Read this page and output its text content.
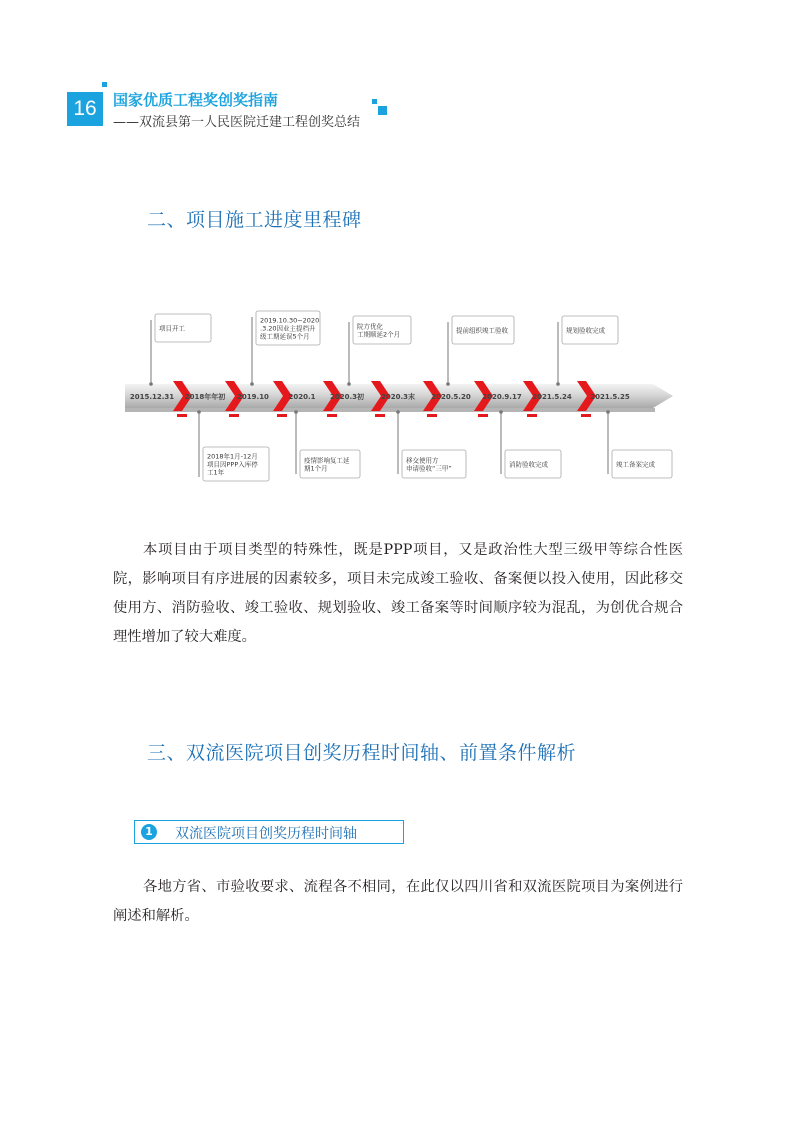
16	国家优质工程奖创奖指南
——双流县第一人民医院迁建工程创奖总结
二、项目施工进度里程碑
2015.12.31 2018年年初 2019.10	2020.1 2020.3初 2020.3末 2020.5.20 2020.9.17 2021.5.24	2021.5.25
项目开工
2019.10.30~2020
.3.20因业主提档升
级工期延误5个月
院方优化
工期顺延2个月	提前组织竣工验收	规划验收完成
2018年1月-12月
项目因PPP入库停
工1年
疫情影响复工延
期1个月
移交使用方
申请验收“三甲”	消防验收完成	竣工备案完成

本项目由于项目类型的特殊性，既是PPP项目，又是政治性大型三级甲等综合性医院，影响项目有序进展的因素较多，项目未完成竣工验收、备案便以投入使用，因此移交使用方、消防验收、竣工验收、规划验收、竣工备案等时间顺序较为混乱，为创优合规合理性增加了较大难度。

三、双流医院项目创奖历程时间轴、前置条件解析
1 双流医院项目创奖历程时间轴

各地方省、市验收要求、流程各不相同，在此仅以四川省和双流医院项目为案例进行阐述和解析。
